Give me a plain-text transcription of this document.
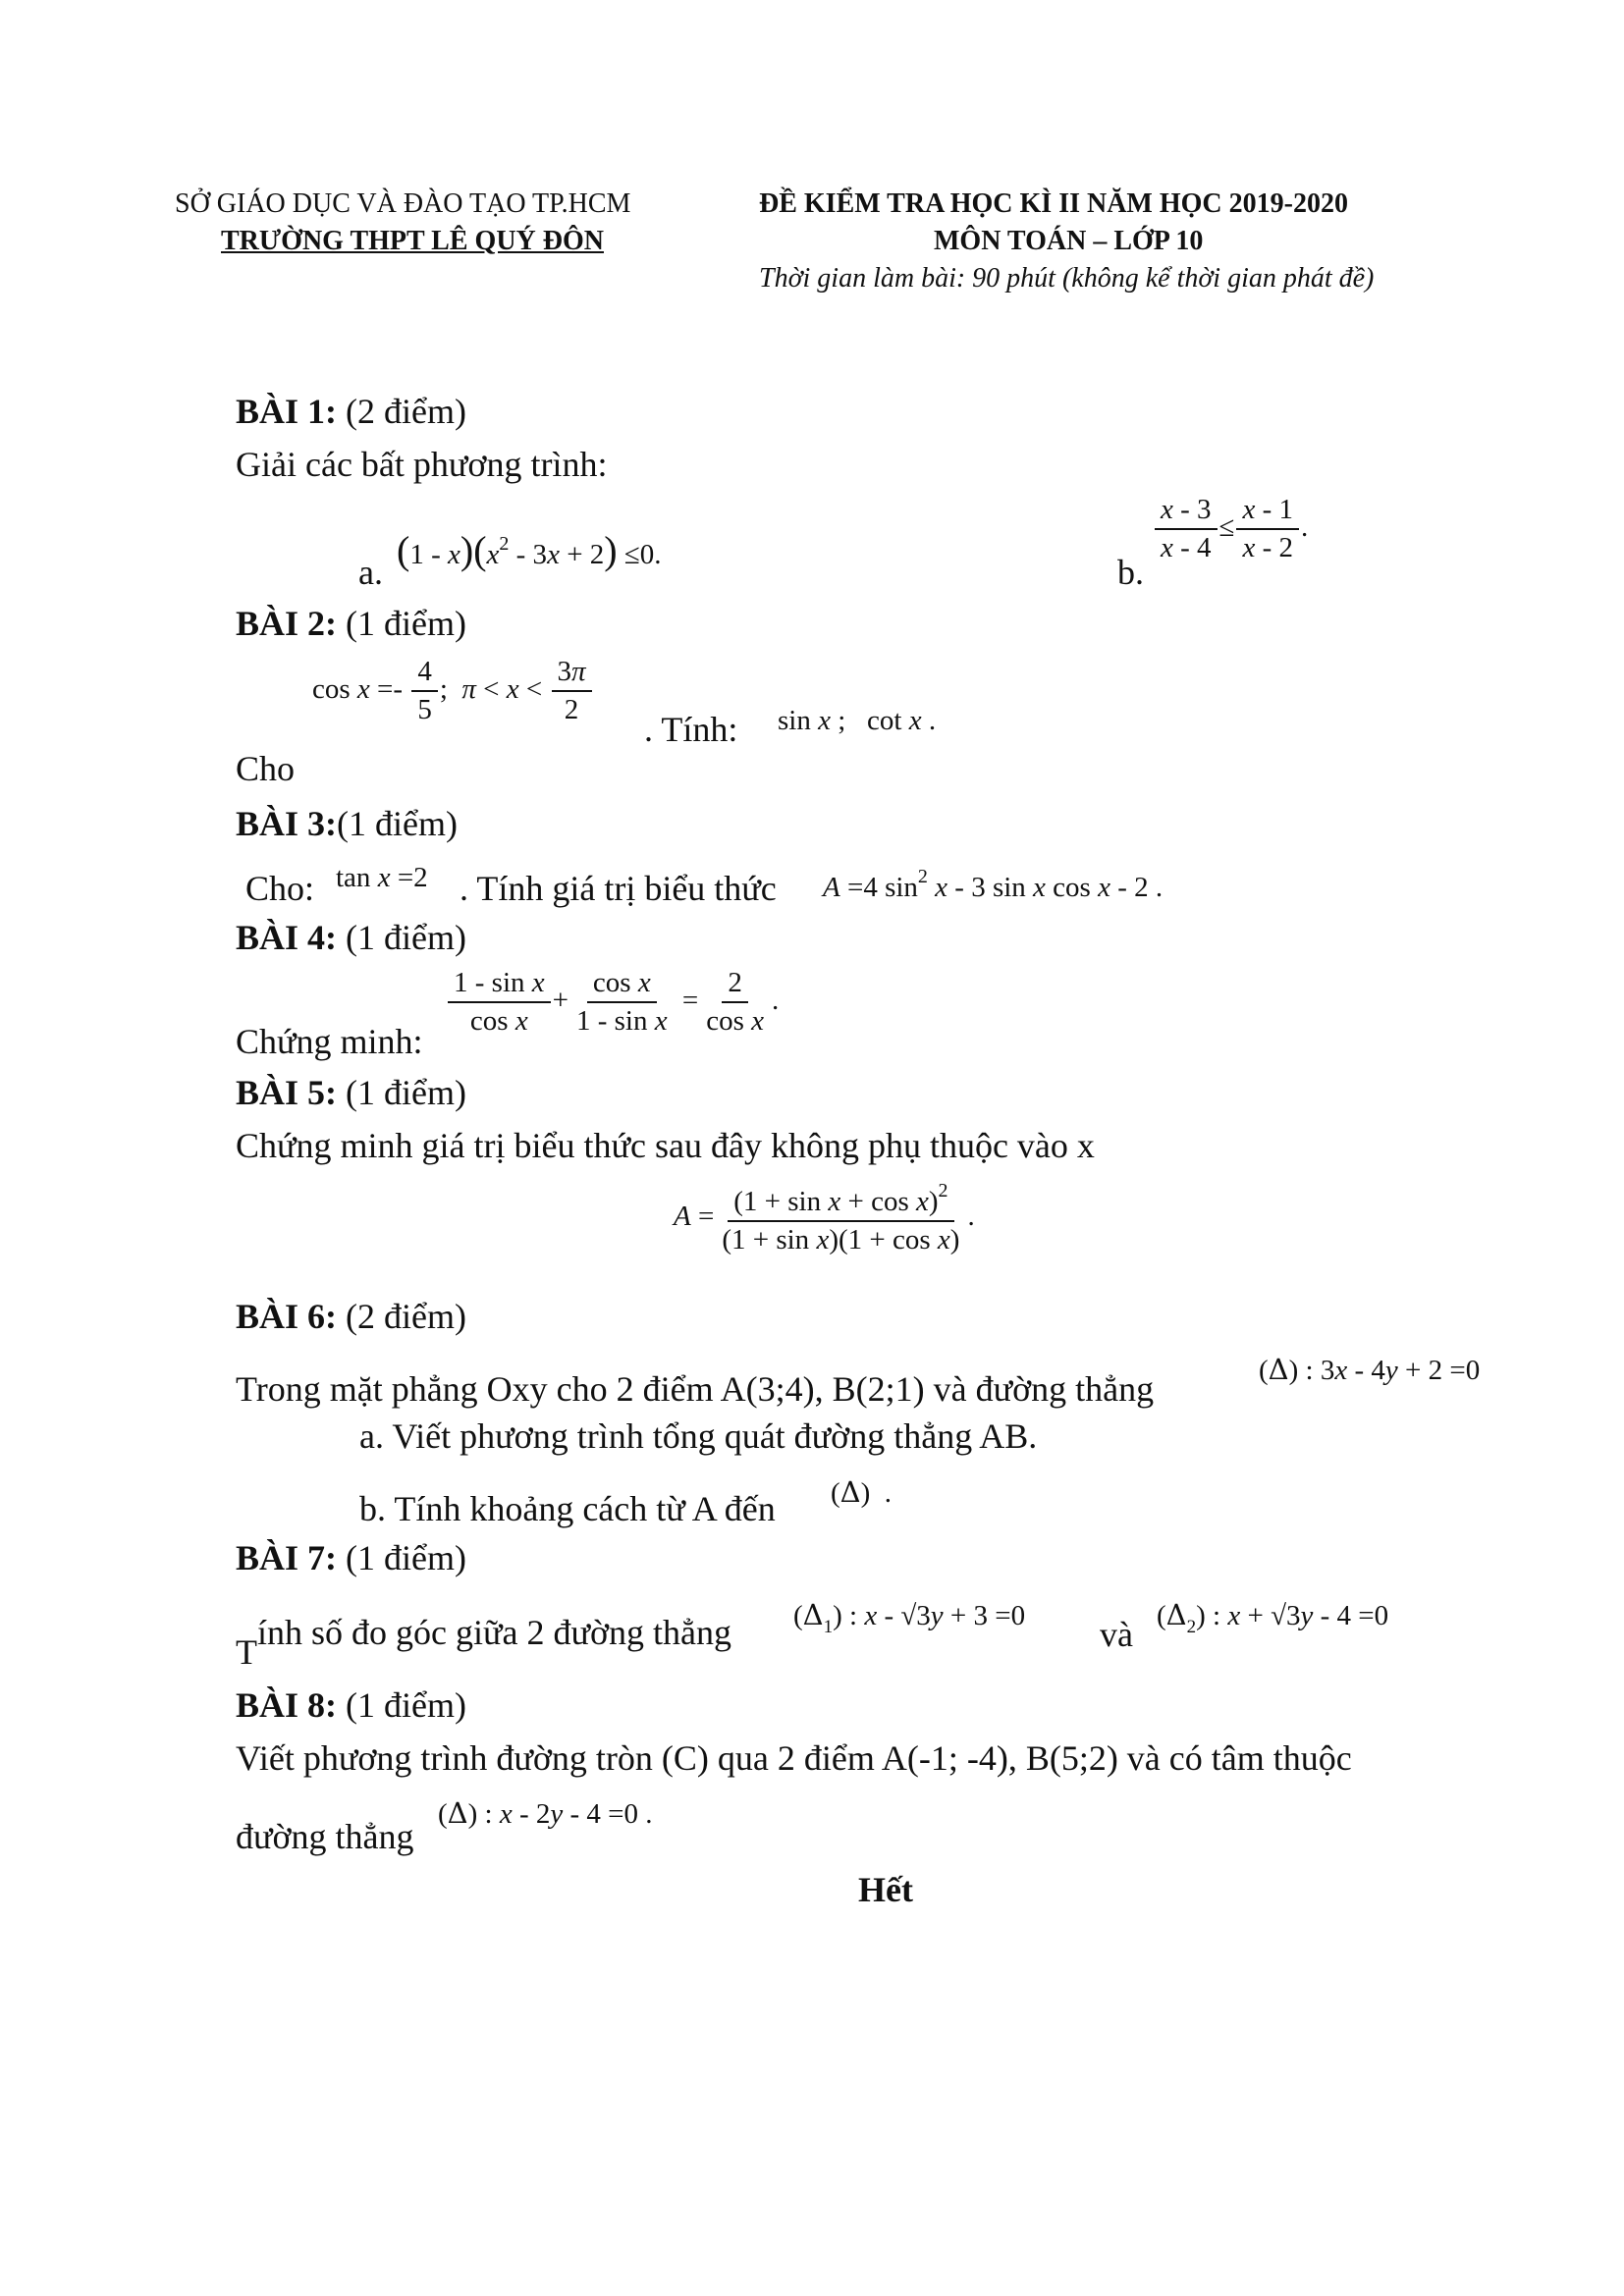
SỞ GIÁO DỤC VÀ ĐÀO TẠO TP.HCM
TRƯỜNG THPT LÊ QUÝ ĐÔN
ĐỀ KIỂM TRA HỌC KÌ II NĂM HỌC 2019-2020
MÔN TOÁN – LỚP 10
Thời gian làm bài: 90 phút (không kể thời gian phát đề)
BÀI 1: (2 điểm)
Giải các bất phương trình:
a. $(1 - x)(x^2 - 3x + 2) \le 0$.	b.
$\frac{x - 3}{x - 4} \le \frac{x - 1}{x - 2}$ .
BÀI 2: (1 điểm)
$\cos x =- \frac{4}{5}$ ;  $\pi < x < \frac{3\pi}{2}$
. Tính: sin x ;   cot x .
Cho
BÀI 3:(1 điểm)
Cho: tan x =2 . Tính giá trị biểu thức A =4 $\sin^2 x - 3$ sin x cos x - 2 .
BÀI 4: (1 điểm)
Chứng minh:
$\frac{\text{1 - sin x}}{\text{cos x}} + \frac{\text{cos x}}{\text{1 - sin x}} = \frac{2}{\text{cos x}}$ .
BÀI 5: (1 điểm)
Chứng minh giá trị biểu thức sau đây không phụ thuộc vào x
$A = \frac{(1 + \sin x + \cos x)^2}{\text{(1 + sin x)(1 + cos x)}}$ .
BÀI 6: (2 điểm)
Trong mặt phẳng Oxy cho 2 điểm A(3;4), B(2;1) và đường thẳng	(Δ) : 3x - 4y + 2 =0
a. Viết phương trình tổng quát đường thẳng AB.
b. Tính khoảng cách từ A đến (Δ)  .
BÀI 7: (1 điểm)
T ính số đo góc giữa 2 đường thẳng $(\Delta_1)$ : x - √3y + 3 =0 và $(\Delta_2)$ : x + √3y - 4 =0
BÀI 8: (1 điểm)
Viết phương trình đường tròn (C) qua 2 điểm A(-1; -4), B(5;2) và có tâm thuộc
đường thẳng
(Δ) : x - 2y - 4 =0 .
Hết
